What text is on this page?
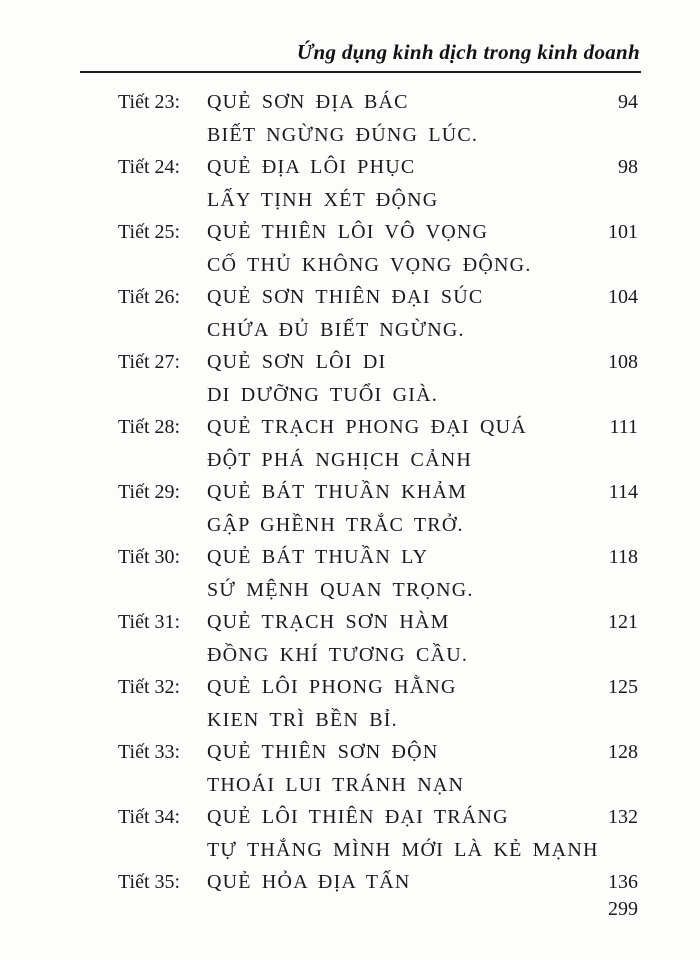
Ứng dụng kinh dịch trong kinh doanh
Tiết 23: QUẺ SƠN ĐỊA BÁC	94
BIẾT NGỪNG ĐÚNG LÚC.
Tiết 24: QUẺ ĐỊA LÔI PHỤC	98
LẤY TỊNH XÉT ĐỘNG
Tiết 25: QUẺ THIÊN LÔI VÔ VỌNG	101
CỐ THỦ KHÔNG VỌNG ĐỘNG.
Tiết 26: QUẺ SƠN THIÊN ĐẠI SÚC	104
CHỨA ĐỦ BIẾT NGỪNG.
Tiết 27: QUẺ SƠN LÔI DI	108
DI DƯỠNG TUỔI GIÀ.
Tiết 28: QUẺ TRẠCH PHONG ĐẠI QUÁ	111
ĐỘT PHÁ NGHỊCH CẢNH
Tiết 29: QUẺ BÁT THUẦN KHẢM	114
GẬP GHỀNH TRẮC TRỞ.
Tiết 30: QUẺ BÁT THUẦN LY	118
SỨ MỆNH QUAN TRỌNG.
Tiết 31: QUẺ TRẠCH SƠN HÀM	121
ĐỒNG KHÍ TƯƠNG CẦU.
Tiết 32: QUẺ LÔI PHONG HẰNG	125
KIEN TRÌ BỀN BỈ.
Tiết 33: QUẺ THIÊN SƠN ĐỘN	128
THOÁI LUI TRÁNH NẠN
Tiết 34: QUẺ LÔI THIÊN ĐẠI TRÁNG	132
TỰ THẮNG MÌNH MỚI LÀ KẺ MẠNH
Tiết 35: QUẺ HỎA ĐỊA TẤN	136
299
